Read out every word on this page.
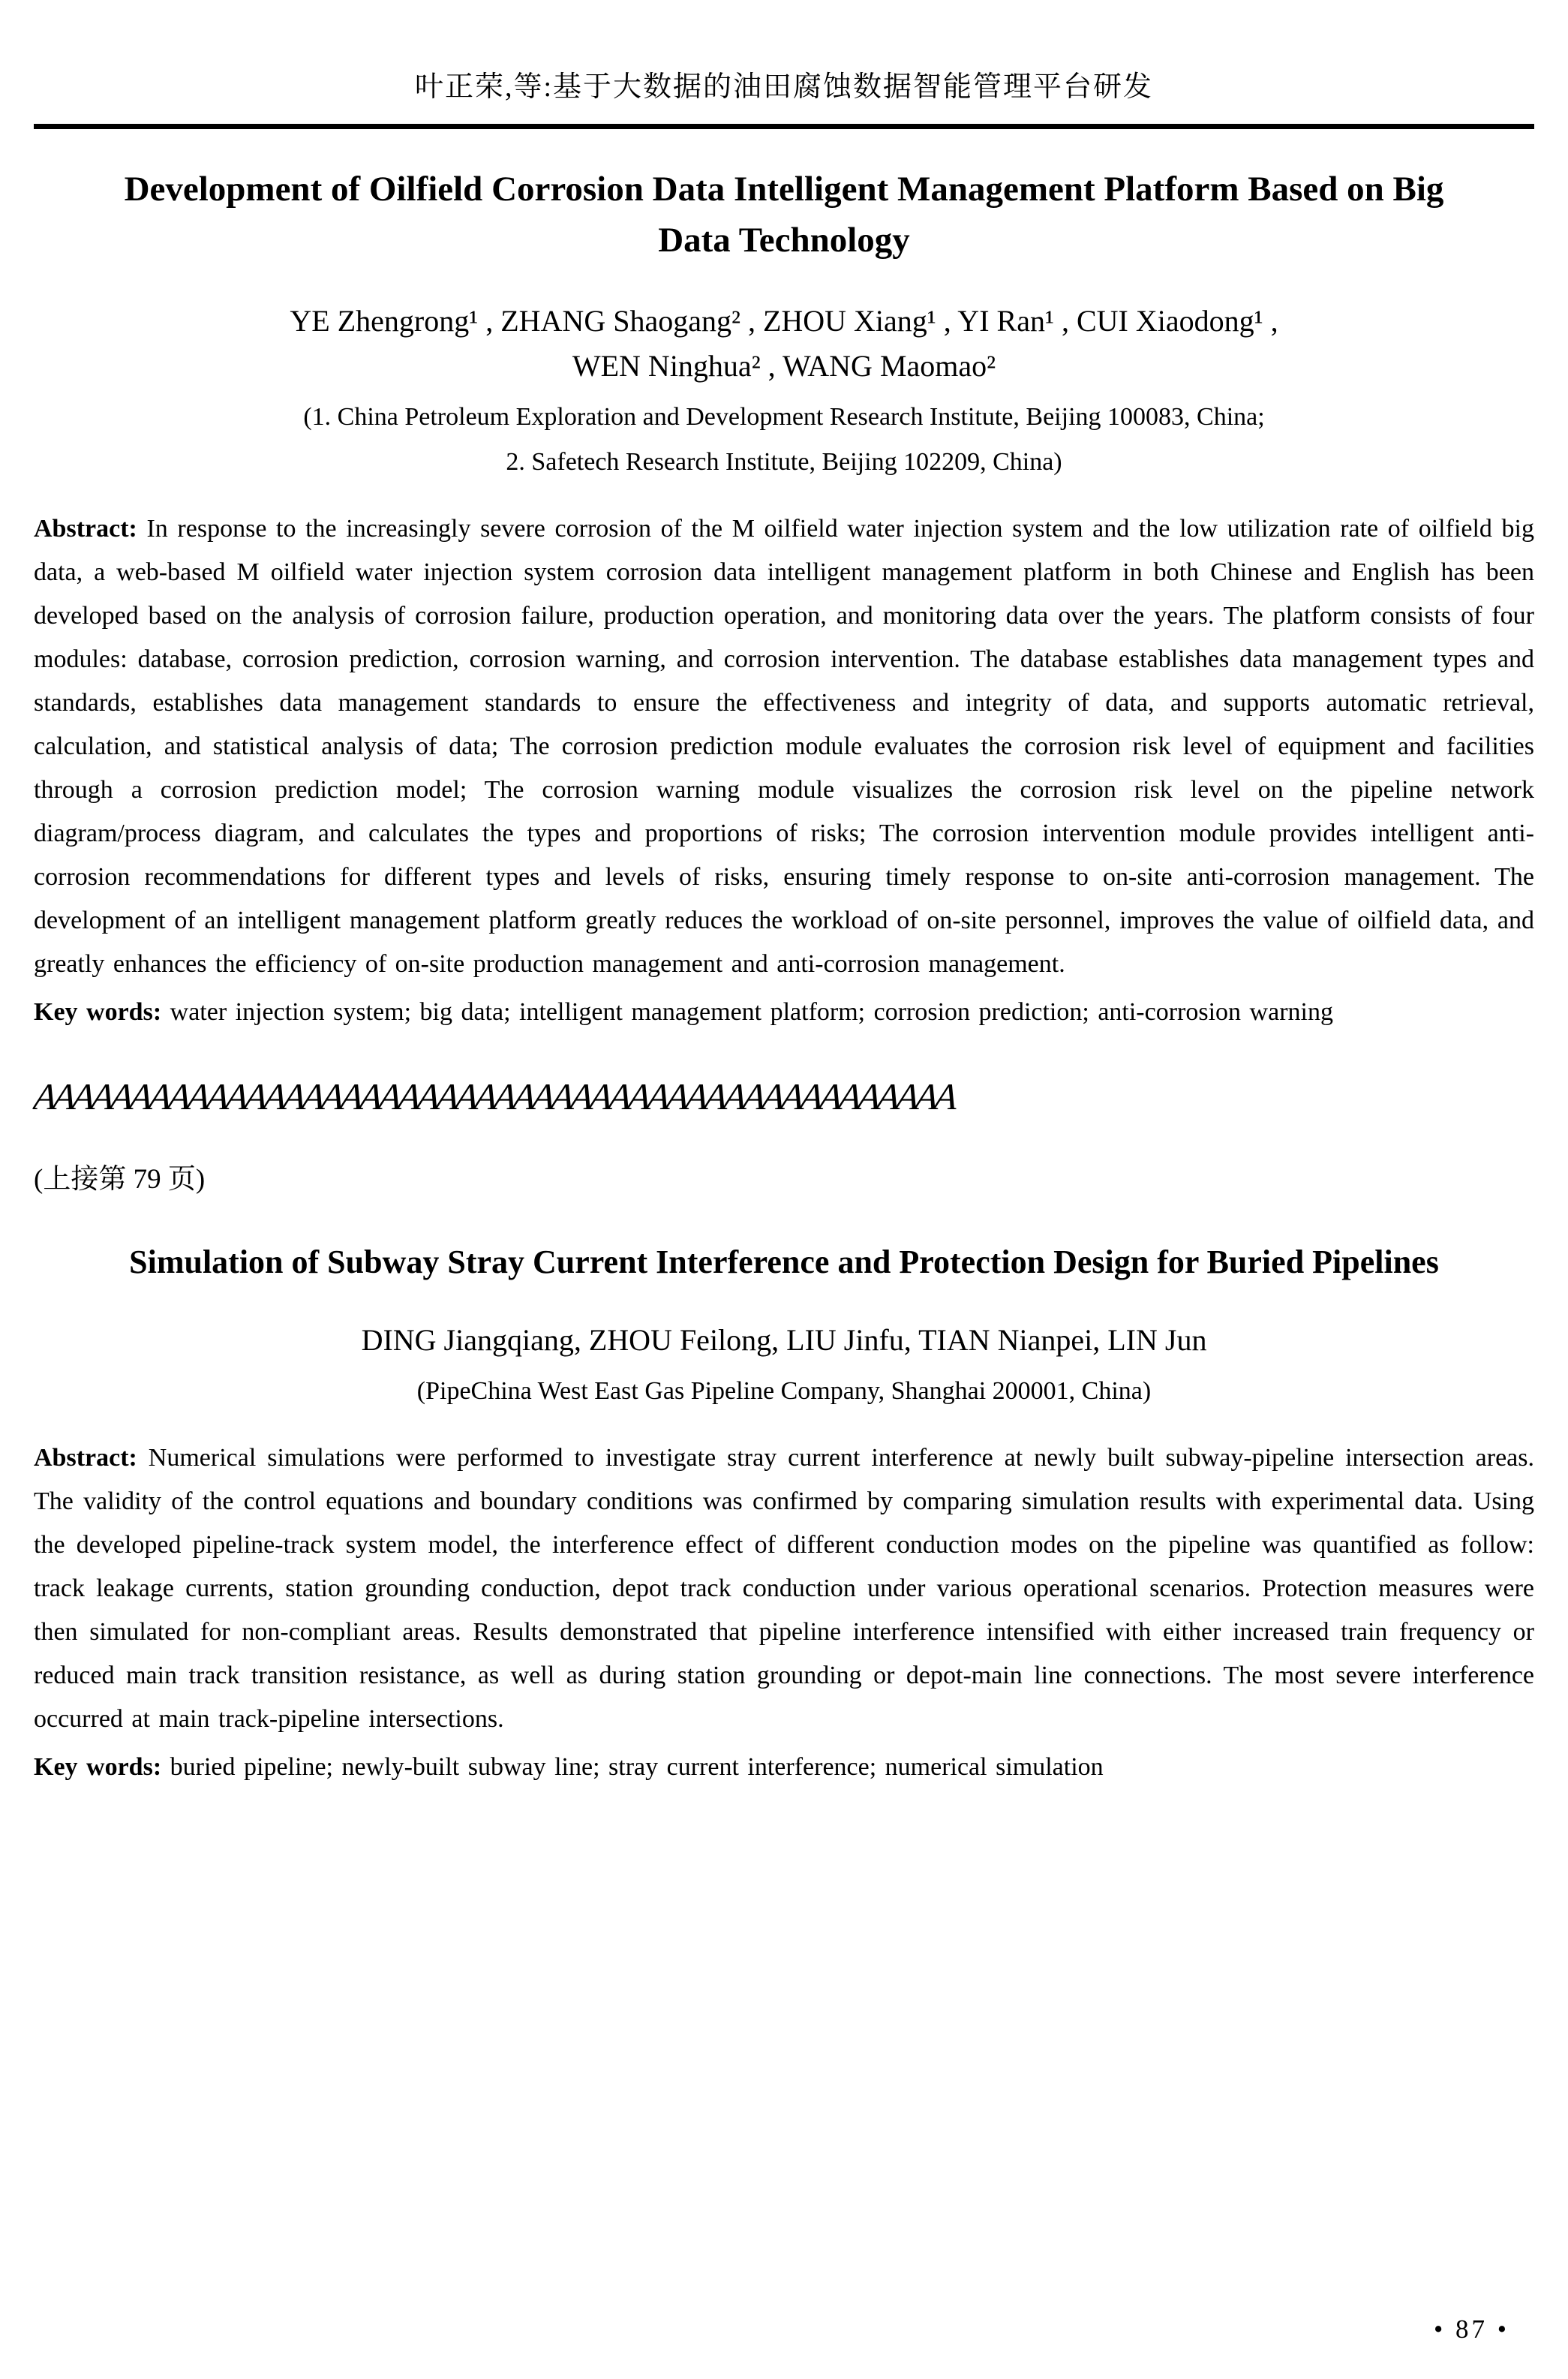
叶正荣,等:基于大数据的油田腐蚀数据智能管理平台研发
Development of Oilfield Corrosion Data Intelligent Management Platform Based on Big Data Technology
YE Zhengrong¹ , ZHANG Shaogang² , ZHOU Xiang¹ , YI Ran¹ , CUI Xiaodong¹ ,
WEN Ninghua² , WANG Maomao²
(1. China Petroleum Exploration and Development Research Institute, Beijing 100083, China;
2. Safetech Research Institute, Beijing 102209, China)

Abstract: In response to the increasingly severe corrosion of the M oilfield water injection system and the low utilization rate of oilfield big data, a web-based M oilfield water injection system corrosion data intelligent management platform in both Chinese and English has been developed based on the analysis of corrosion failure, production operation, and monitoring data over the years. The platform consists of four modules: database, corrosion prediction, corrosion warning, and corrosion intervention. The database establishes data management types and standards, establishes data management standards to ensure the effectiveness and integrity of data, and supports automatic retrieval, calculation, and statistical analysis of data; The corrosion prediction module evaluates the corrosion risk level of equipment and facilities through a corrosion prediction model; The corrosion warning module visualizes the corrosion risk level on the pipeline network diagram/process diagram, and calculates the types and proportions of risks; The corrosion intervention module provides intelligent anti-corrosion recommendations for different types and levels of risks, ensuring timely response to on-site anti-corrosion management. The development of an intelligent management platform greatly reduces the workload of on-site personnel, improves the value of oilfield data, and greatly enhances the efficiency of on-site production management and anti-corrosion management.

Key words: water injection system; big data; intelligent management platform; corrosion prediction; anti-corrosion warning

AAAAAAAAAAAAAAAAAAAAAAAAAAAAAAAAAAAAAAAAAAAAAAAA
(上接第 79 页)
Simulation of Subway Stray Current Interference and Protection Design for Buried Pipelines
DING Jiangqiang, ZHOU Feilong, LIU Jinfu, TIAN Nianpei, LIN Jun
(PipeChina West East Gas Pipeline Company, Shanghai 200001, China)

Abstract: Numerical simulations were performed to investigate stray current interference at newly built subway-pipeline intersection areas. The validity of the control equations and boundary conditions was confirmed by comparing simulation results with experimental data. Using the developed pipeline-track system model, the interference effect of different conduction modes on the pipeline was quantified as follow: track leakage currents, station grounding conduction, depot track conduction under various operational scenarios. Protection measures were then simulated for non-compliant areas. Results demonstrated that pipeline interference intensified with either increased train frequency or reduced main track transition resistance, as well as during station grounding or depot-main line connections. The most severe interference occurred at main track-pipeline intersections.

Key words: buried pipeline; newly-built subway line; stray current interference; numerical simulation

• 87 •
